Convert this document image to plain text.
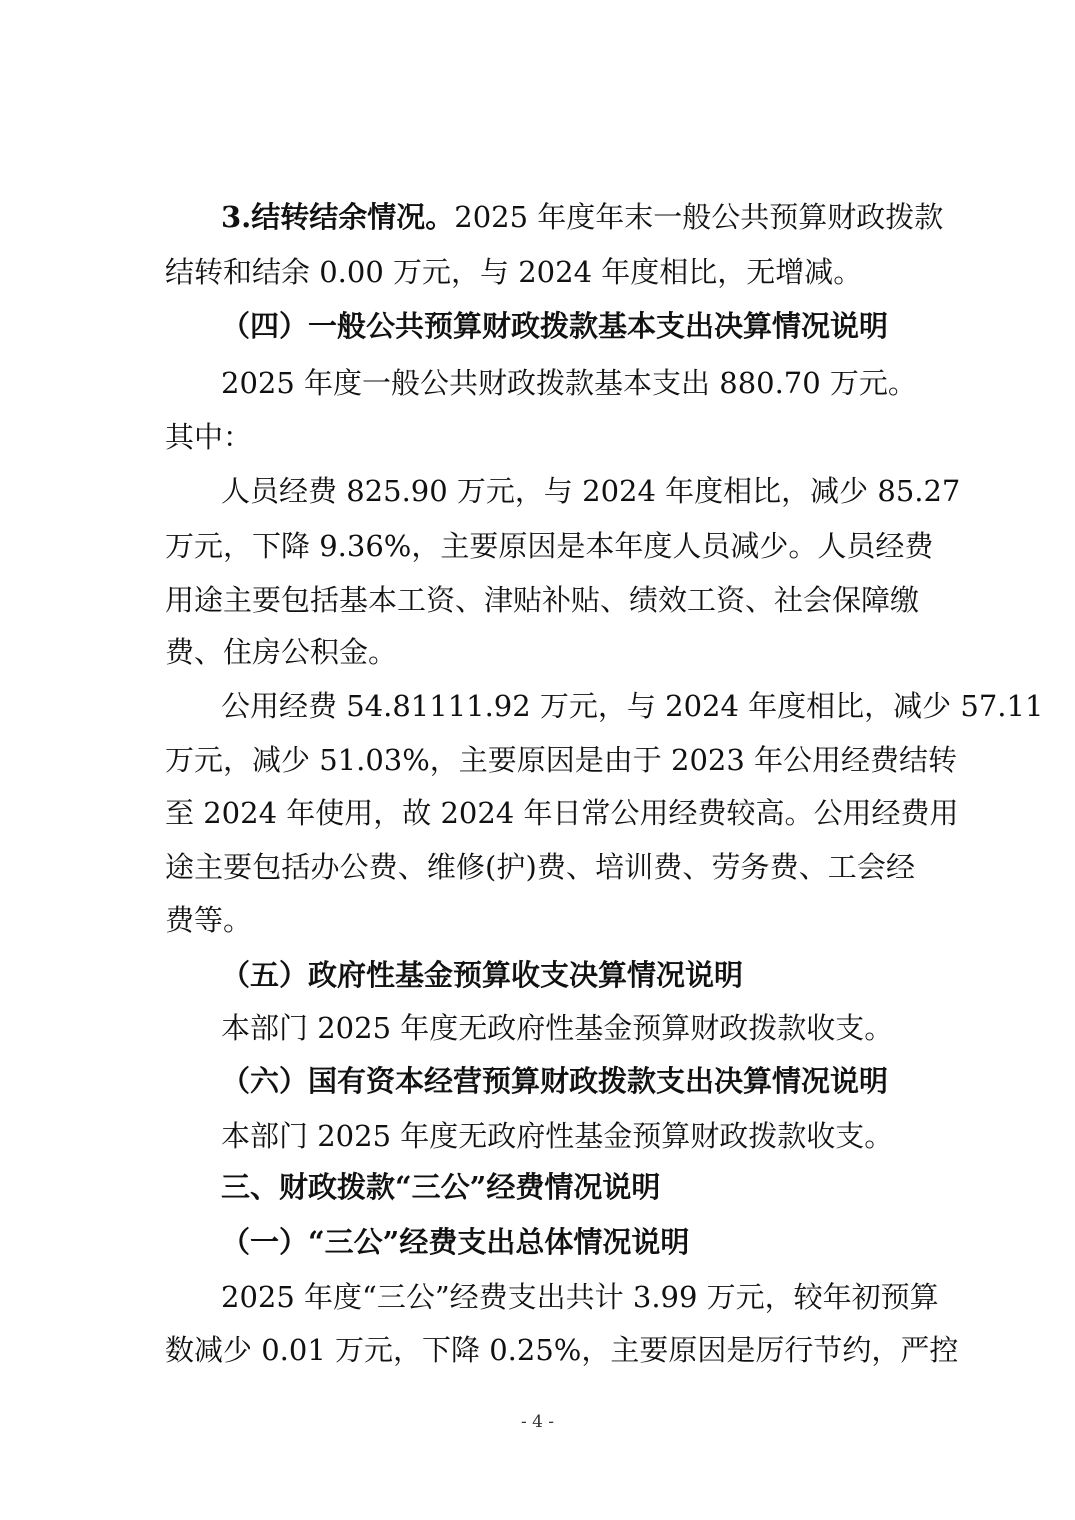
3.结转结余情况。2025 年度年末一般公共预算财政拨款
结转和结余 0.00 万元，与 2024 年度相比，无增减。
（四）一般公共预算财政拨款基本支出决算情况说明
2025 年度一般公共财政拨款基本支出 880.70 万元。
其中：
人员经费 825.90 万元，与 2024 年度相比，减少 85.27
万元，下降 9.36%，主要原因是本年度人员减少。人员经费
用途主要包括基本工资、津贴补贴、绩效工资、社会保障缴
费、住房公积金。
公用经费 54.81111.92 万元，与 2024 年度相比，减少 57.11
万元，减少 51.03%，主要原因是由于 2023 年公用经费结转
至 2024 年使用，故 2024 年日常公用经费较高。公用经费用
途主要包括办公费、维修(护)费、培训费、劳务费、工会经
费等。
（五）政府性基金预算收支决算情况说明
本部门 2025 年度无政府性基金预算财政拨款收支。
（六）国有资本经营预算财政拨款支出决算情况说明
本部门 2025 年度无政府性基金预算财政拨款收支。
三、财政拨款“三公”经费情况说明
（一）“三公”经费支出总体情况说明
2025 年度“三公”经费支出共计 3.99 万元，较年初预算
数减少 0.01 万元，下降 0.25%，主要原因是厉行节约，严控
- 4 -
